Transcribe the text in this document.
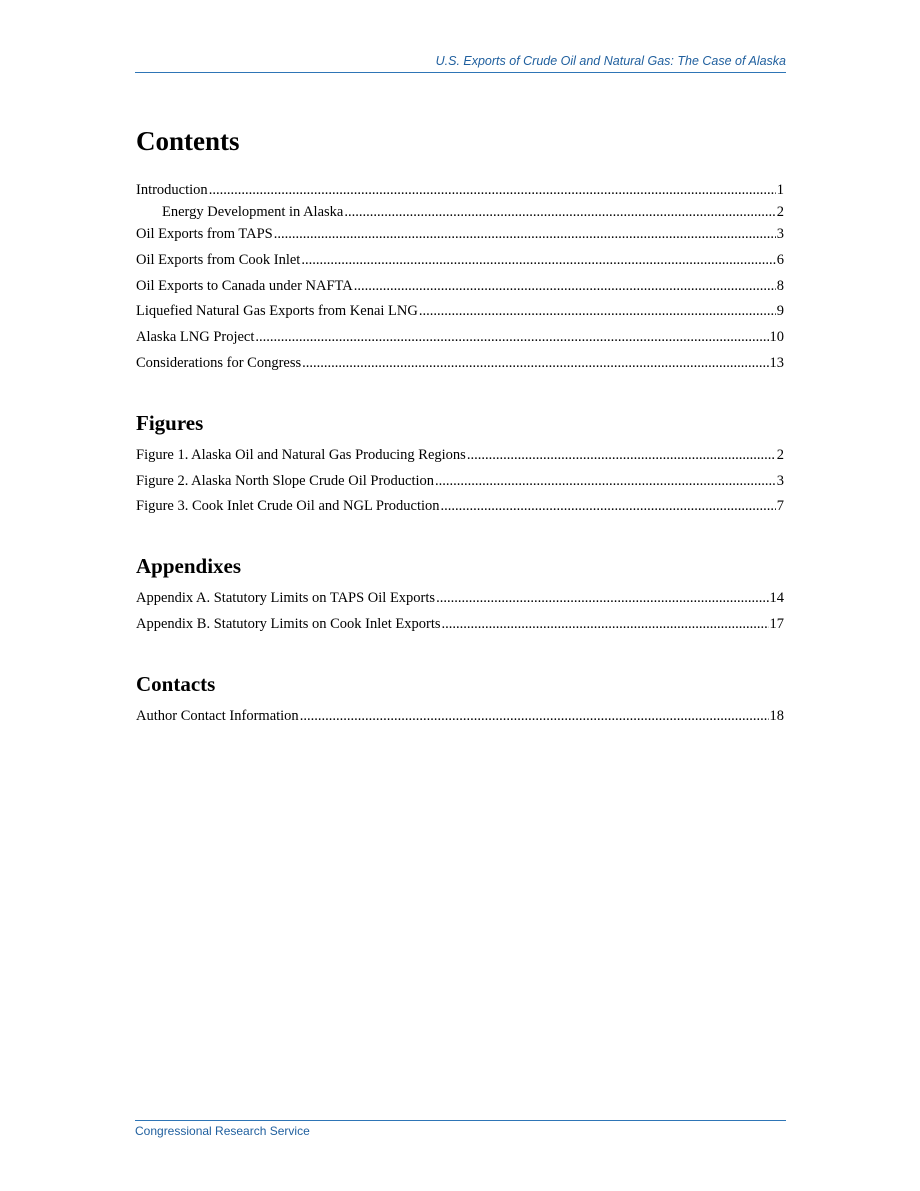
U.S. Exports of Crude Oil and Natural Gas: The Case of Alaska
Contents
Introduction .....	1
Energy Development in Alaska .....	2
Oil Exports from TAPS .....	3
Oil Exports from Cook Inlet .....	6
Oil Exports to Canada under NAFTA .....	8
Liquefied Natural Gas Exports from Kenai LNG .....	9
Alaska LNG Project .....	10
Considerations for Congress .....	13
Figures
Figure 1. Alaska Oil and Natural Gas Producing Regions .....	2
Figure 2. Alaska North Slope Crude Oil Production .....	3
Figure 3. Cook Inlet Crude Oil and NGL Production .....	7
Appendixes
Appendix A. Statutory Limits on TAPS Oil Exports .....	14
Appendix B. Statutory Limits on Cook Inlet Exports .....	17
Contacts
Author Contact Information .....	18
Congressional Research Service
